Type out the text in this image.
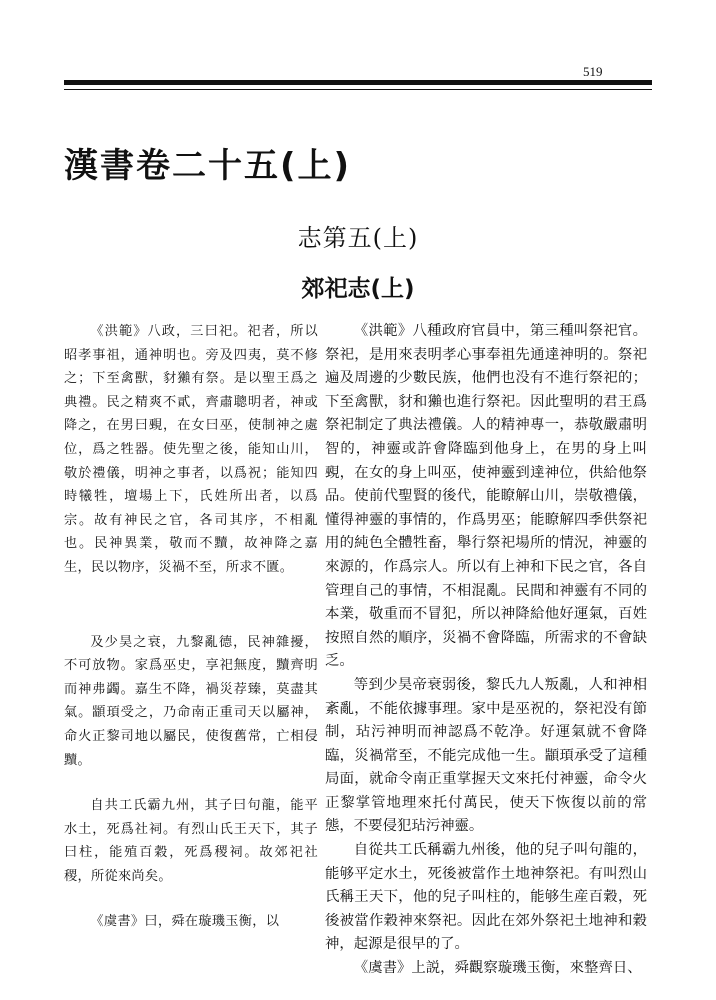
519
漢書卷二十五(上)
志第五(上)
郊祀志(上)

《洪範》八政，三曰祀。祀者，所以昭孝事祖，通神明也。旁及四夷，莫不修之；下至禽獸，豺獺有祭。是以聖王爲之典禮。民之精爽不貳，齊肅聰明者，神或降之，在男曰覡，在女曰巫，使制神之處位，爲之牲器。使先聖之後，能知山川，敬於禮儀，明神之事者，以爲祝；能知四時犧牲，壇場上下，氏姓所出者，以爲宗。故有神民之官，各司其序，不相亂也。民神異業，敬而不黷，故神降之嘉生，民以物序，災禍不至，所求不匱。

及少昊之衰，九黎亂德，民神雜擾，不可放物。家爲巫史，享祀無度，黷齊明而神弗蠲。嘉生不降，禍災荐臻，莫盡其氣。顓頊受之，乃命南正重司天以屬神，命火正黎司地以屬民，使復舊常，亡相侵黷。

自共工氏霸九州，其子曰句龍，能平水土，死爲社祠。有烈山氏王天下，其子曰柱，能殖百穀，死爲稷祠。故郊祀社稷，所從來尚矣。

《虞書》曰，舜在璇璣玉衡，以

《洪範》八種政府官員中，第三種叫祭祀官。祭祀，是用來表明孝心事奉祖先通達神明的。祭祀遍及周邊的少數民族，他們也没有不進行祭祀的；下至禽獸，豺和獺也進行祭祀。因此聖明的君王爲祭祀制定了典法禮儀。人的精神專一，恭敬嚴肅明智的，神靈或許會降臨到他身上，在男的身上叫覡，在女的身上叫巫，使神靈到達神位，供給他祭品。使前代聖賢的後代，能瞭解山川，崇敬禮儀，懂得神靈的事情的，作爲男巫；能瞭解四季供祭祀用的純色全體牲畜，舉行祭祀場所的情況，神靈的來源的，作爲宗人。所以有上神和下民之官，各自管理自己的事情，不相混亂。民間和神靈有不同的本業，敬重而不冒犯，所以神降給他好運氣，百姓按照自然的順序，災禍不會降臨，所需求的不會缺乏。

等到少昊帝衰弱後，黎氏九人叛亂，人和神相紊亂，不能依據事理。家中是巫祝的，祭祀没有節制，玷污神明而神認爲不乾净。好運氣就不會降臨，災禍常至，不能完成他一生。顓頊承受了這種局面，就命令南正重掌握天文來托付神靈，命令火正黎掌管地理來托付萬民，使天下恢復以前的常態，不要侵犯玷污神靈。

自從共工氏稱霸九州後，他的兒子叫句龍的，能够平定水土，死後被當作土地神祭祀。有叫烈山氏稱王天下，他的兒子叫柱的，能够生産百穀，死後被當作穀神來祭祀。因此在郊外祭祀土地神和穀神，起源是很早的了。

《虞書》上説，舜觀察璇璣玉衡，來整齊日、
